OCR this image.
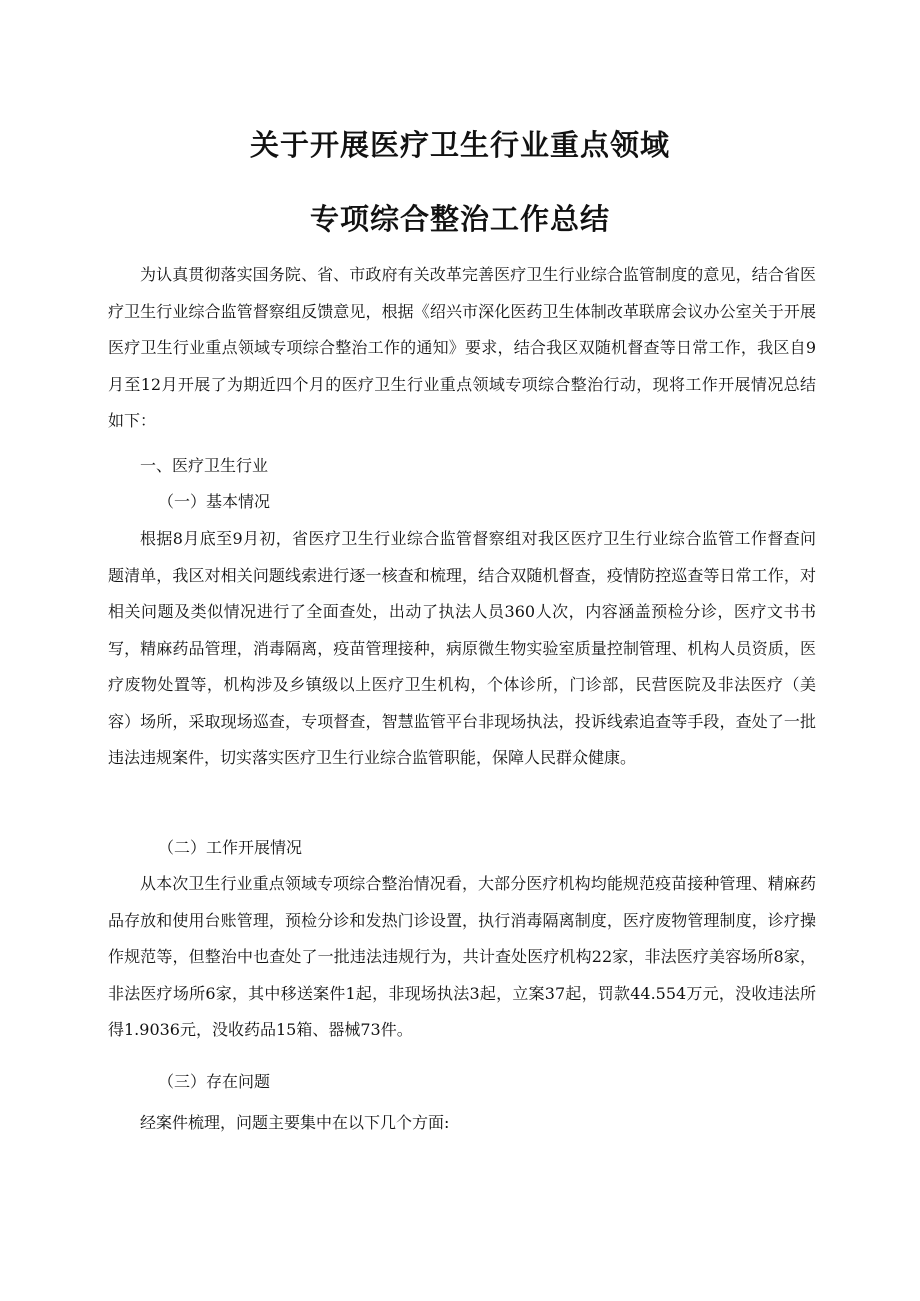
关于开展医疗卫生行业重点领域
专项综合整治工作总结

为认真贯彻落实国务院、省、市政府有关改革完善医疗卫生行业综合监管制度的意见，结合省医疗卫生行业综合监管督察组反馈意见，根据《绍兴市深化医药卫生体制改革联席会议办公室关于开展医疗卫生行业重点领域专项综合整治工作的通知》要求，结合我区双随机督查等日常工作，我区自9月至12月开展了为期近四个月的医疗卫生行业重点领域专项综合整治行动，现将工作开展情况总结如下：

一、医疗卫生行业

（一）基本情况

根据8月底至9月初，省医疗卫生行业综合监管督察组对我区医疗卫生行业综合监管工作督查问题清单，我区对相关问题线索进行逐一核查和梳理，结合双随机督查，疫情防控巡查等日常工作，对相关问题及类似情况进行了全面查处，出动了执法人员360人次，内容涵盖预检分诊，医疗文书书写，精麻药品管理，消毒隔离，疫苗管理接种，病原微生物实验室质量控制管理、机构人员资质，医疗废物处置等，机构涉及乡镇级以上医疗卫生机构，个体诊所，门诊部，民营医院及非法医疗（美容）场所，采取现场巡查，专项督查，智慧监管平台非现场执法，投诉线索追查等手段，查处了一批违法违规案件，切实落实医疗卫生行业综合监管职能，保障人民群众健康。

（二）工作开展情况

从本次卫生行业重点领域专项综合整治情况看，大部分医疗机构均能规范疫苗接种管理、精麻药品存放和使用台账管理，预检分诊和发热门诊设置，执行消毒隔离制度，医疗废物管理制度，诊疗操作规范等，但整治中也查处了一批违法违规行为，共计查处医疗机构22家，非法医疗美容场所8家，非法医疗场所6家，其中移送案件1起，非现场执法3起，立案37起，罚款44.554万元，没收违法所得1.9036元，没收药品15箱、器械73件。

（三）存在问题

经案件梳理，问题主要集中在以下几个方面:
